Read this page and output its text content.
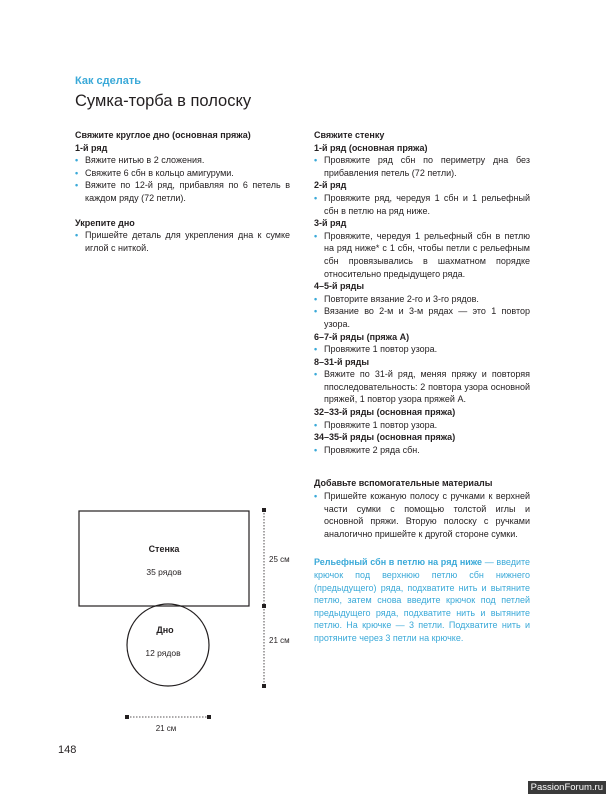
Как сделать
Сумка-торба в полоску
Свяжите круглое дно (основная пряжа)
1-й ряд
• Вяжите нитью в 2 сложения.
• Свяжите 6 сбн в кольцо амигуруми.
• Вяжите по 12-й ряд, прибавляя по 6 петель в каждом ряду (72 петли).
Укрепите дно
• Пришейте деталь для укрепления дна к сумке иглой с ниткой.
Свяжите стенку
1-й ряд (основная пряжа)
• Провяжите ряд сбн по периметру дна без прибавления петель (72 петли).
2-й ряд
• Провяжите ряд, чередуя 1 сбн и 1 рельефный сбн в петлю на ряд ниже.
3-й ряд
• Провяжите, чередуя 1 рельефный сбн в петлю на ряд ниже* с 1 сбн, чтобы петли с рельефным сбн провязывались в шахматном порядке относительно предыдущего ряда.
4–5-й ряды
• Повторите вязание 2-го и 3-го рядов.
• Вязание во 2-м и 3-м рядах — это 1 повтор узора.
6–7-й ряды (пряжа А)
• Провяжите 1 повтор узора.
8–31-й ряды
• Вяжите по 31-й ряд, меняя пряжу и повторяя ппоследовательность: 2 повтора узора основной пряжей, 1 повтор узора пряжей А.
32–33-й ряды (основная пряжа)
• Провяжите 1 повтор узора.
34–35-й ряды (основная пряжа)
• Провяжите 2 ряда сбн.
Добавьте вспомогательные материалы
• Пришейте кожаную полосу с ручками к верхней части сумки с помощью толстой иглы и основной пряжи. Вторую полоску с ручками аналогично пришейте к другой стороне сумки.
Рельефный сбн в петлю на ряд ниже — введите крючок под верхнюю петлю сбн нижнего (предыдущего) ряда, подхватите нить и вытяните петлю, затем снова введите крючок под петлей предыдущего ряда, подхватите нить и вытяните петлю. На крючке — 3 петли. Подхватите нить и протяните через 3 петли на крючке.
Стенка
35 рядов
Дно
12 рядов
25 см
21 см
21 см
148
PassionForum.ru
